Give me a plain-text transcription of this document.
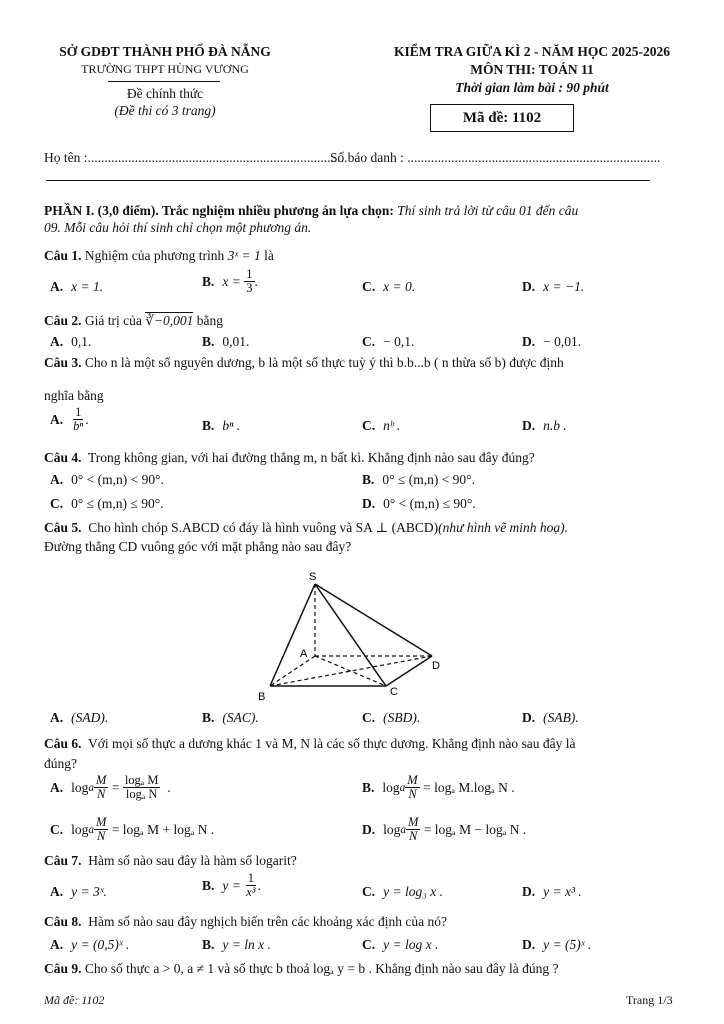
SỞ GDĐT THÀNH PHỐ ĐÀ NẴNG
TRƯỜNG THPT HÙNG VƯƠNG
Đề chính thức
(Đề thi có 3 trang)
KIỂM TRA GIỮA KÌ 2 - NĂM HỌC 2025-2026
MÔN THI: TOÁN 11
Thời gian làm bài : 90 phút
Mã đề: 1102
Họ tên :.............................................................................
Số báo danh : ...........................................................................
PHẦN I. (3,0 điểm). Trắc nghiệm nhiều phương án lựa chọn: Thí sinh trả lời từ câu 01 đến câu
09. Mỗi câu hỏi thí sinh chỉ chọn một phương án.
Câu 1. Nghiệm của phương trình 3ˣ = 1 là
A. x = 1.	B. x =
$\frac{1}{3}$ .	C. x = 0.	D. x = −1.
Câu 2. Giá trị của ∛−0,001 bằng
A. 0,1.	B. 0,01.	C. − 0,1.	D. − 0,01.
Câu 3. Cho n là một số nguyên dương, b là một số thực tuỳ ý thì b.b...b ( n thừa số b) được định
nghĩa bằng
A. $\frac{1}{\text{bⁿ}}$ .	B. bⁿ .	C. nᵇ .	D. n.b .
Câu 4. Trong không gian, với hai đường thẳng m, n bất kì. Khẳng định nào sau đây đúng?
A. 0° < (m,n) < 90°.	B. 0° ≤ (m,n) < 90°.
C. 0° ≤ (m,n) ≤ 90°.	D. 0° < (m,n) ≤ 90°.
Câu 5. Cho hình chóp S.ABCD có đáy là hình vuông và SA ⊥ (ABCD)(như hình vẽ minh hoạ).
Đường thẳng CD vuông góc với mặt phẳng nào sau đây?
S
A
B	C
D
A. (SAD).	B. (SAC).	C. (SBD).	D. (SAB).
Câu 6. Với mọi số thực a dương khác 1 và M, N là các số thực dương. Khẳng định nào sau đây là
đúng?
A. log a $\frac{M}{N} = \frac{\text{logₐ M}}{\text{logₐ N}}$ .	B. log a $\frac{M}{N}$
= logₐ M.logₐ N .
C. log a $\frac{M}{N}$
= logₐ M + logₐ N .	D. log a $\frac{M}{N}$
= logₐ M − logₐ N .
Câu 7. Hàm số nào sau đây là hàm số logarit?
A. y = 3ˣ.	B. y =
$\frac{1}{\text{x³}}$ .	C. y = log₃ x .	D. y = x³ .
Câu 8. Hàm số nào sau đây nghịch biến trên các khoảng xác định của nó?
A. y = (0,5)ˣ .	B. y = ln x .	C. y = log x .	D. y = (5)ˣ .
Câu 9. Cho số thực a > 0, a ≠ 1 và số thực b thoả logₐ y = b . Khẳng định nào sau đây là đúng ?
Mã đề: 1102	Trang 1/3
